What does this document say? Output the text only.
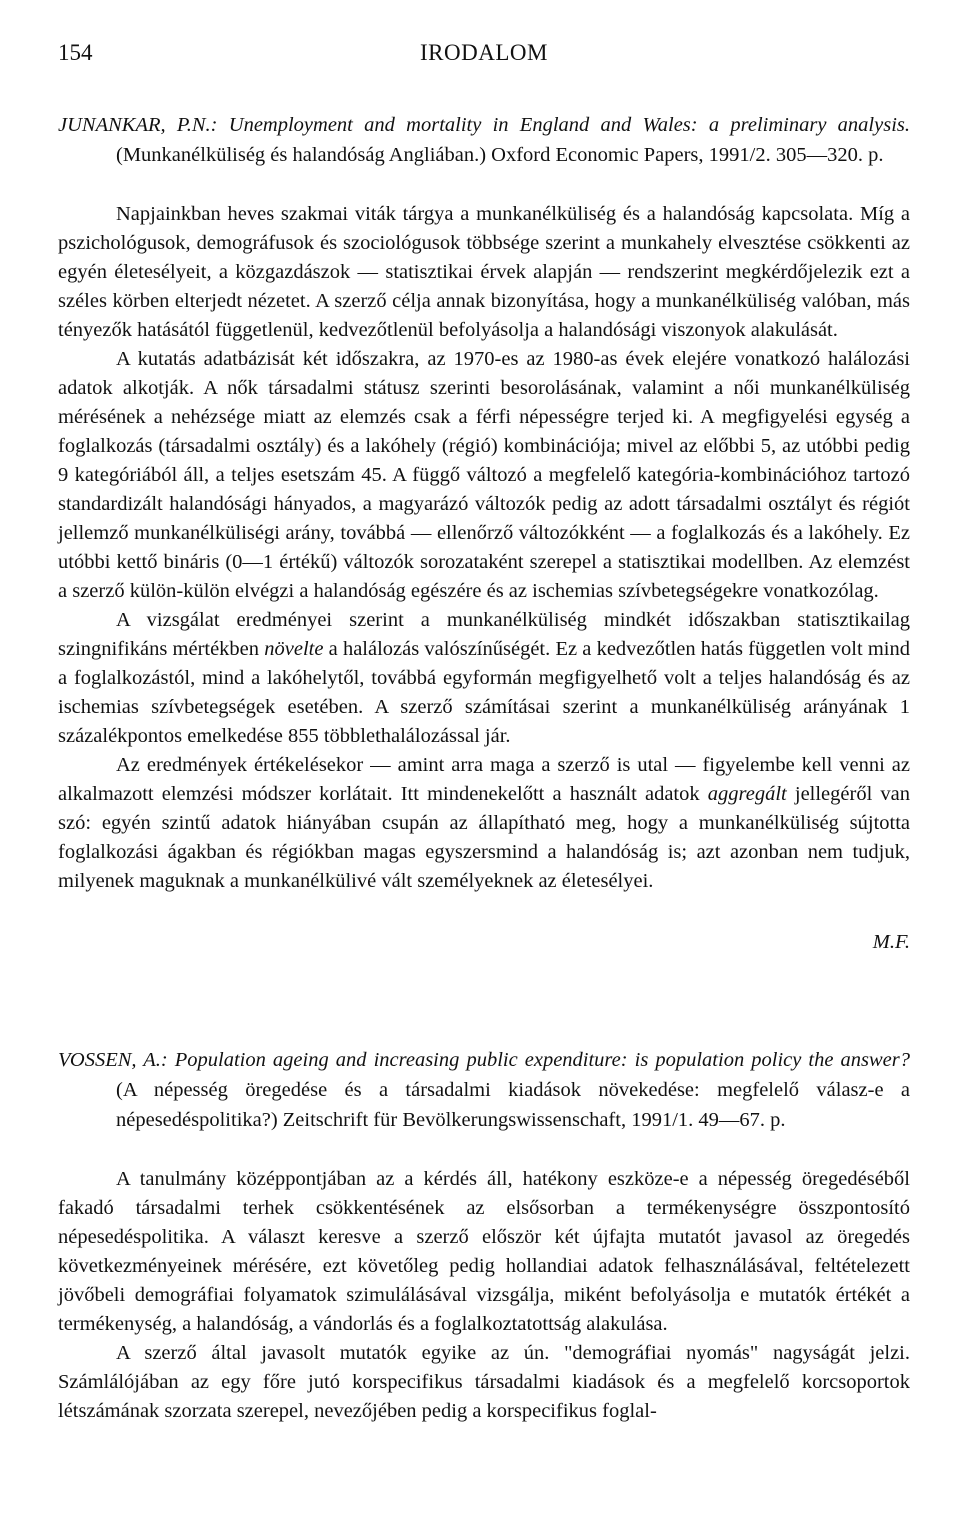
154	IRODALOM
JUNANKAR, P.N.: Unemployment and mortality in England and Wales: a preliminary analysis. (Munkanélküliség és halandóság Angliában.) Oxford Economic Papers, 1991/2. 305—320. p.

Napjainkban heves szakmai viták tárgya a munkanélküliség és a halandóság kapcsolata. Míg a pszichológusok, demográfusok és szociológusok többsége szerint a munkahely elvesztése csökkenti az egyén életesélyeit, a közgazdászok — statisztikai érvek alapján — rendszerint megkérdőjelezik ezt a széles körben elterjedt nézetet. A szerző célja annak bizonyítása, hogy a munkanélküliség valóban, más tényezők hatásától függetlenül, kedvezőtlenül befolyásolja a halandósági viszonyok alakulását.

A kutatás adatbázisát két időszakra, az 1970-es az 1980-as évek elejére vonatkozó halálozási adatok alkotják. A nők társadalmi státusz szerinti besorolásának, valamint a női munkanélküliség mérésének a nehézsége miatt az elemzés csak a férfi népességre terjed ki. A megfigyelési egység a foglalkozás (társadalmi osztály) és a lakóhely (régió) kombinációja; mivel az előbbi 5, az utóbbi pedig 9 kategóriából áll, a teljes esetszám 45. A függő változó a megfelelő kategória-kombinációhoz tartozó standardizált halandósági hányados, a magyarázó változók pedig az adott társadalmi osztályt és régiót jellemző munkanélküliségi arány, továbbá — ellenőrző változókként — a foglalkozás és a lakóhely. Ez utóbbi kettő bináris (0—1 értékű) változók sorozataként szerepel a statisztikai modellben. Az elemzést a szerző külön-külön elvégzi a halandóság egészére és az ischemias szívbetegségekre vonatkozólag.

A vizsgálat eredményei szerint a munkanélküliség mindkét időszakban statisztikailag szingnifikáns mértékben növelte a halálozás valószínűségét. Ez a kedvezőtlen hatás független volt mind a foglalkozástól, mind a lakóhelytől, továbbá egyformán megfigyelhető volt a teljes halandóság és az ischemias szívbetegségek esetében. A szerző számításai szerint a munkanélküliség arányának 1 százalékpontos emelkedése 855 többlethalálozással jár.

Az eredmények értékelésekor — amint arra maga a szerző is utal — figyelembe kell venni az alkalmazott elemzési módszer korlátait. Itt mindenekelőtt a használt adatok aggregált jellegéről van szó: egyén szintű adatok hiányában csupán az állapítható meg, hogy a munkanélküliség sújtotta foglalkozási ágakban és régiókban magas egyszersmind a halandóság is; azt azonban nem tudjuk, milyenek maguknak a munkanélkülivé vált személyeknek az életesélyei.

M.F.
VOSSEN, A.: Population ageing and increasing public expenditure: is population policy the answer? (A népesség öregedése és a társadalmi kiadások növekedése: megfelelő válasz-e a népesedéspolitika?) Zeitschrift für Bevölkerungswissenschaft, 1991/1. 49—67. p.

A tanulmány középpontjában az a kérdés áll, hatékony eszköze-e a népesség öregedéséből fakadó társadalmi terhek csökkentésének az elsősorban a termékenységre összpontosító népesedéspolitika. A választ keresve a szerző először két újfajta mutatót javasol az öregedés következményeinek mérésére, ezt követőleg pedig hollandiai adatok felhasználásával, feltételezett jövőbeli demográfiai folyamatok szimulálásával vizsgálja, miként befolyásolja e mutatók értékét a termékenység, a halandóság, a vándorlás és a foglalkoztatottság alakulása.

A szerző által javasolt mutatók egyike az ún. "demográfiai nyomás" nagyságát jelzi. Számlálójában az egy főre jutó korspecifikus társadalmi kiadások és a megfelelő korcsoportok létszámának szorzata szerepel, nevezőjében pedig a korspecifikus foglal-
